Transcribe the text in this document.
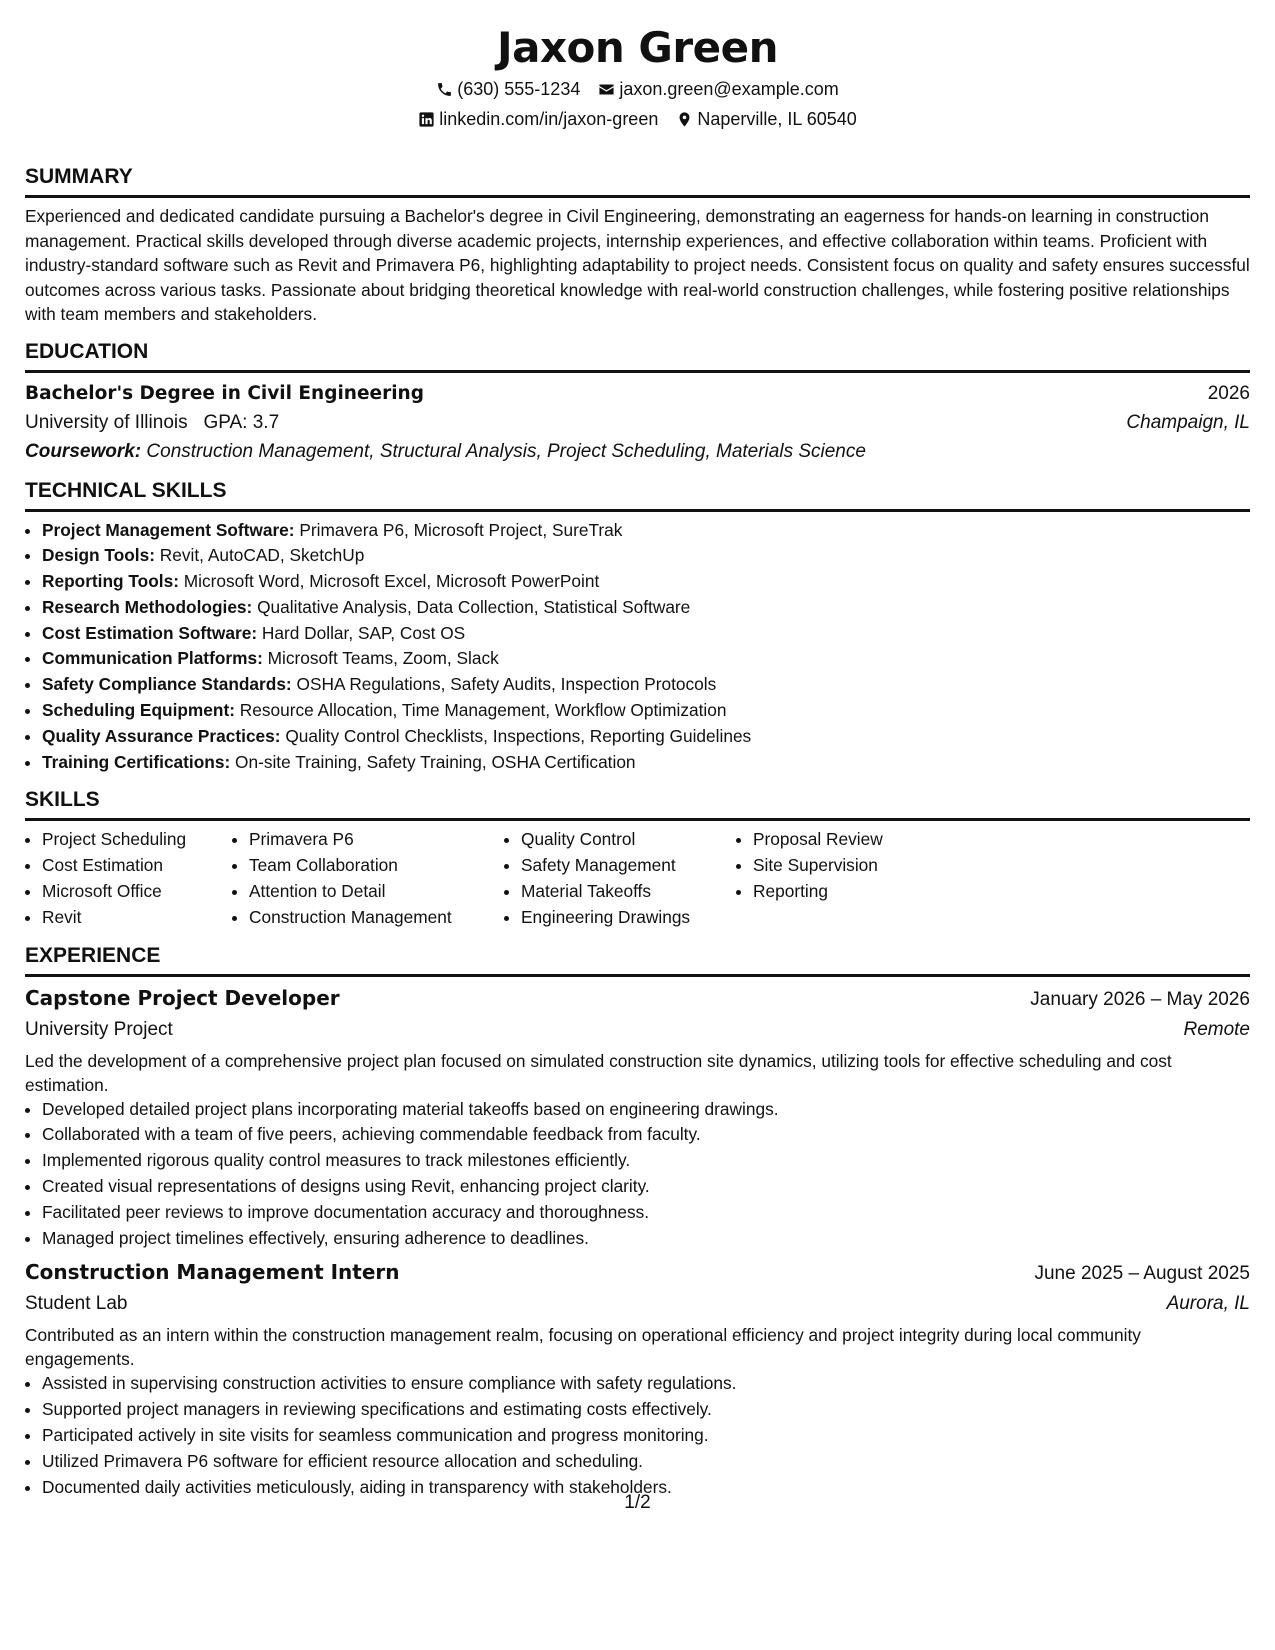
Jaxon Green
(630) 555-1234 jaxon.green@example.com
linkedin.com/in/jaxon-green Naperville, IL 60540
SUMMARY
Experienced and dedicated candidate pursuing a Bachelor's degree in Civil Engineering, demonstrating an eagerness for hands-on learning in construction management. Practical skills developed through diverse academic projects, internship experiences, and effective collaboration within teams. Proficient with industry-standard software such as Revit and Primavera P6, highlighting adaptability to project needs. Consistent focus on quality and safety ensures successful outcomes across various tasks. Passionate about bridging theoretical knowledge with real-world construction challenges, while fostering positive relationships with team members and stakeholders.
EDUCATION
Bachelor's Degree in Civil Engineering	2026
University of Illinois GPA: 3.7	Champaign, IL
Coursework: Construction Management, Structural Analysis, Project Scheduling, Materials Science
TECHNICAL SKILLS
• Project Management Software: Primavera P6, Microsoft Project, SureTrak
• Design Tools: Revit, AutoCAD, SketchUp
• Reporting Tools: Microsoft Word, Microsoft Excel, Microsoft PowerPoint
• Research Methodologies: Qualitative Analysis, Data Collection, Statistical Software
• Cost Estimation Software: Hard Dollar, SAP, Cost OS
• Communication Platforms: Microsoft Teams, Zoom, Slack
• Safety Compliance Standards: OSHA Regulations, Safety Audits, Inspection Protocols
• Scheduling Equipment: Resource Allocation, Time Management, Workflow Optimization
• Quality Assurance Practices: Quality Control Checklists, Inspections, Reporting Guidelines
• Training Certifications: On-site Training, Safety Training, OSHA Certification
SKILLS
• Project Scheduling
• Cost Estimation
• Microsoft Office
• Revit
• Primavera P6
• Team Collaboration
• Attention to Detail
• Construction Management
• Quality Control
• Safety Management
• Material Takeoffs
• Engineering Drawings
• Proposal Review
• Site Supervision
• Reporting
EXPERIENCE
Capstone Project Developer	January 2026 – May 2026
University Project	Remote
Led the development of a comprehensive project plan focused on simulated construction site dynamics, utilizing tools for effective scheduling and cost estimation.
• Developed detailed project plans incorporating material takeoffs based on engineering drawings.
• Collaborated with a team of five peers, achieving commendable feedback from faculty.
• Implemented rigorous quality control measures to track milestones efficiently.
• Created visual representations of designs using Revit, enhancing project clarity.
• Facilitated peer reviews to improve documentation accuracy and thoroughness.
• Managed project timelines effectively, ensuring adherence to deadlines.
Construction Management Intern	June 2025 – August 2025
Student Lab	Aurora, IL
Contributed as an intern within the construction management realm, focusing on operational efficiency and project integrity during local community engagements.
• Assisted in supervising construction activities to ensure compliance with safety regulations.
• Supported project managers in reviewing specifications and estimating costs effectively.
• Participated actively in site visits for seamless communication and progress monitoring.
• Utilized Primavera P6 software for efficient resource allocation and scheduling.
• Documented daily activities meticulously, aiding in transparency with stakeholders.
1/2
